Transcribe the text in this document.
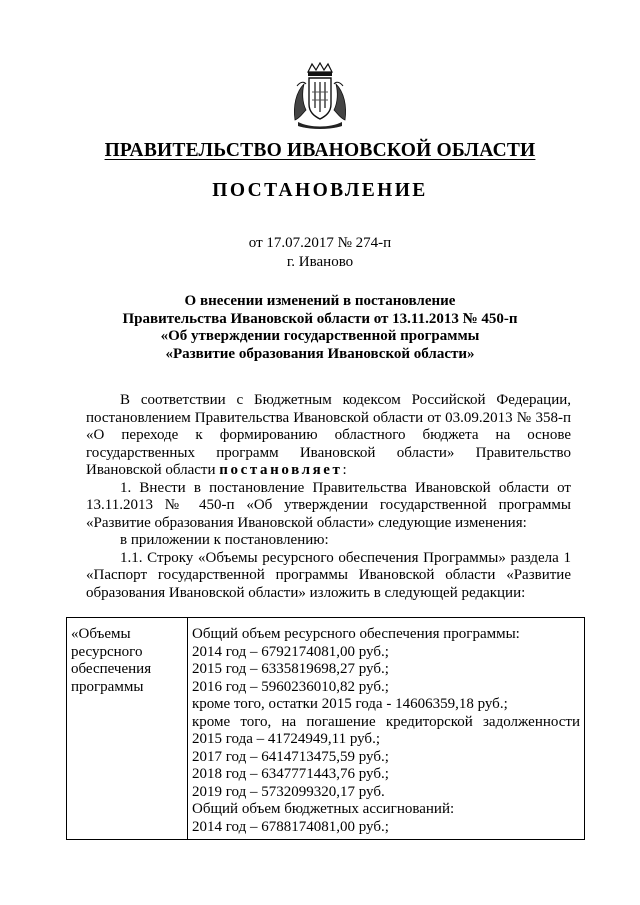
ПРАВИТЕЛЬСТВО ИВАНОВСКОЙ ОБЛАСТИ
ПОСТАНОВЛЕНИЕ
от 17.07.2017 № 274-п
г. Иваново
О внесении изменений в постановление
Правительства Ивановской области от 13.11.2013 № 450-п
«Об утверждении государственной программы
«Развитие образования Ивановской области»

В соответствии с Бюджетным кодексом Российской Федерации, постановлением Правительства Ивановской области от 03.09.2013 № 358-п «О переходе к формированию областного бюджета на основе государственных программ Ивановской области» Правительство Ивановской области постановляет:

1. Внести в постановление Правительства Ивановской области от 13.11.2013 № 450-п «Об утверждении государственной программы «Развитие образования Ивановской области» следующие изменения:

в приложении к постановлению:

1.1. Строку «Объемы ресурсного обеспечения Программы» раздела 1 «Паспорт государственной программы Ивановской области «Развитие образования Ивановской области» изложить в следующей редакции:

«Объемы
ресурсного
обеспечения
программы

Общий объем ресурсного обеспечения программы:
2014 год – 6792174081,00 руб.;
2015 год – 6335819698,27 руб.;
2016 год – 5960236010,82 руб.;
кроме того, остатки 2015 года - 14606359,18 руб.;
кроме того, на погашение кредиторской задолженности
2015 года – 41724949,11 руб.;
2017 год – 6414713475,59 руб.;
2018 год – 6347771443,76 руб.;
2019 год – 5732099320,17 руб.
Общий объем бюджетных ассигнований:
2014 год – 6788174081,00 руб.;
